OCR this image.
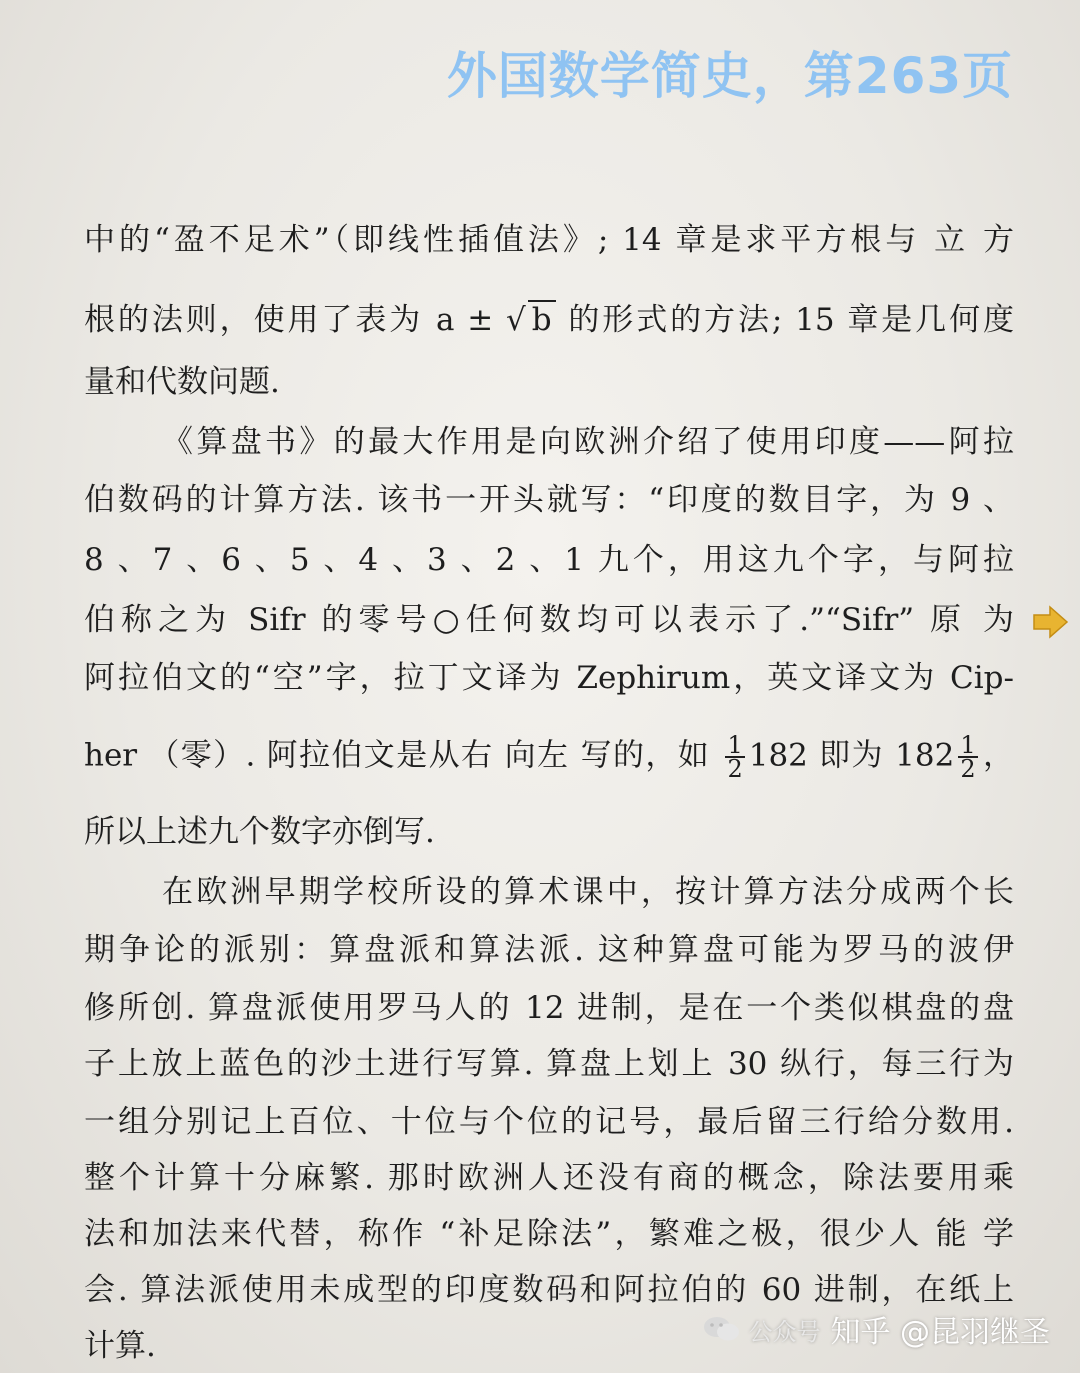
外国数学简史，第263页
中的“盈不足术”（即线性插值法》; 14 章是求平方根与 立 方
根的法则，使用了表为 a ± √ b 的形式的方法; 15 章是几何度
量和代数问题.
《算盘书》的最大作用是向欧洲介绍了使用印度——阿拉
伯数码的计算方法. 该书一开头就写：“印度的数目字，为 9 、
8 、7 、6 、5 、4 、3 、2 、1 九个，用这九个字，与阿拉
伯称之为 Sifr 的零号○任何数均可以表示了.”“Sifr” 原 为
阿拉伯文的“空”字，拉丁文译为 Zephirum，英文译文为 Cip-
her （零）. 阿拉伯文是从右 向左 写的，如 $\frac{1}{2} 182$ 即为 $182 \frac{1}{2}$ ，
所以上述九个数字亦倒写.
在欧洲早期学校所设的算术课中，按计算方法分成两个长
期争论的派别：算盘派和算法派. 这种算盘可能为罗马的波伊
修所创. 算盘派使用罗马人的 12 进制，是在一个类似棋盘的盘
子上放上蓝色的沙土进行写算. 算盘上划上 30 纵行，每三行为
一组分别记上百位、十位与个位的记号，最后留三行给分数用.
整个计算十分麻繁. 那时欧洲人还没有商的概念，除法要用乘
法和加法来代替，称作 “补足除法”，繁难之极，很少人 能 学
会. 算法派使用未成型的印度数码和阿拉伯的 60 进制，在纸上
计算.	公众号 知乎 @昆羽继圣
